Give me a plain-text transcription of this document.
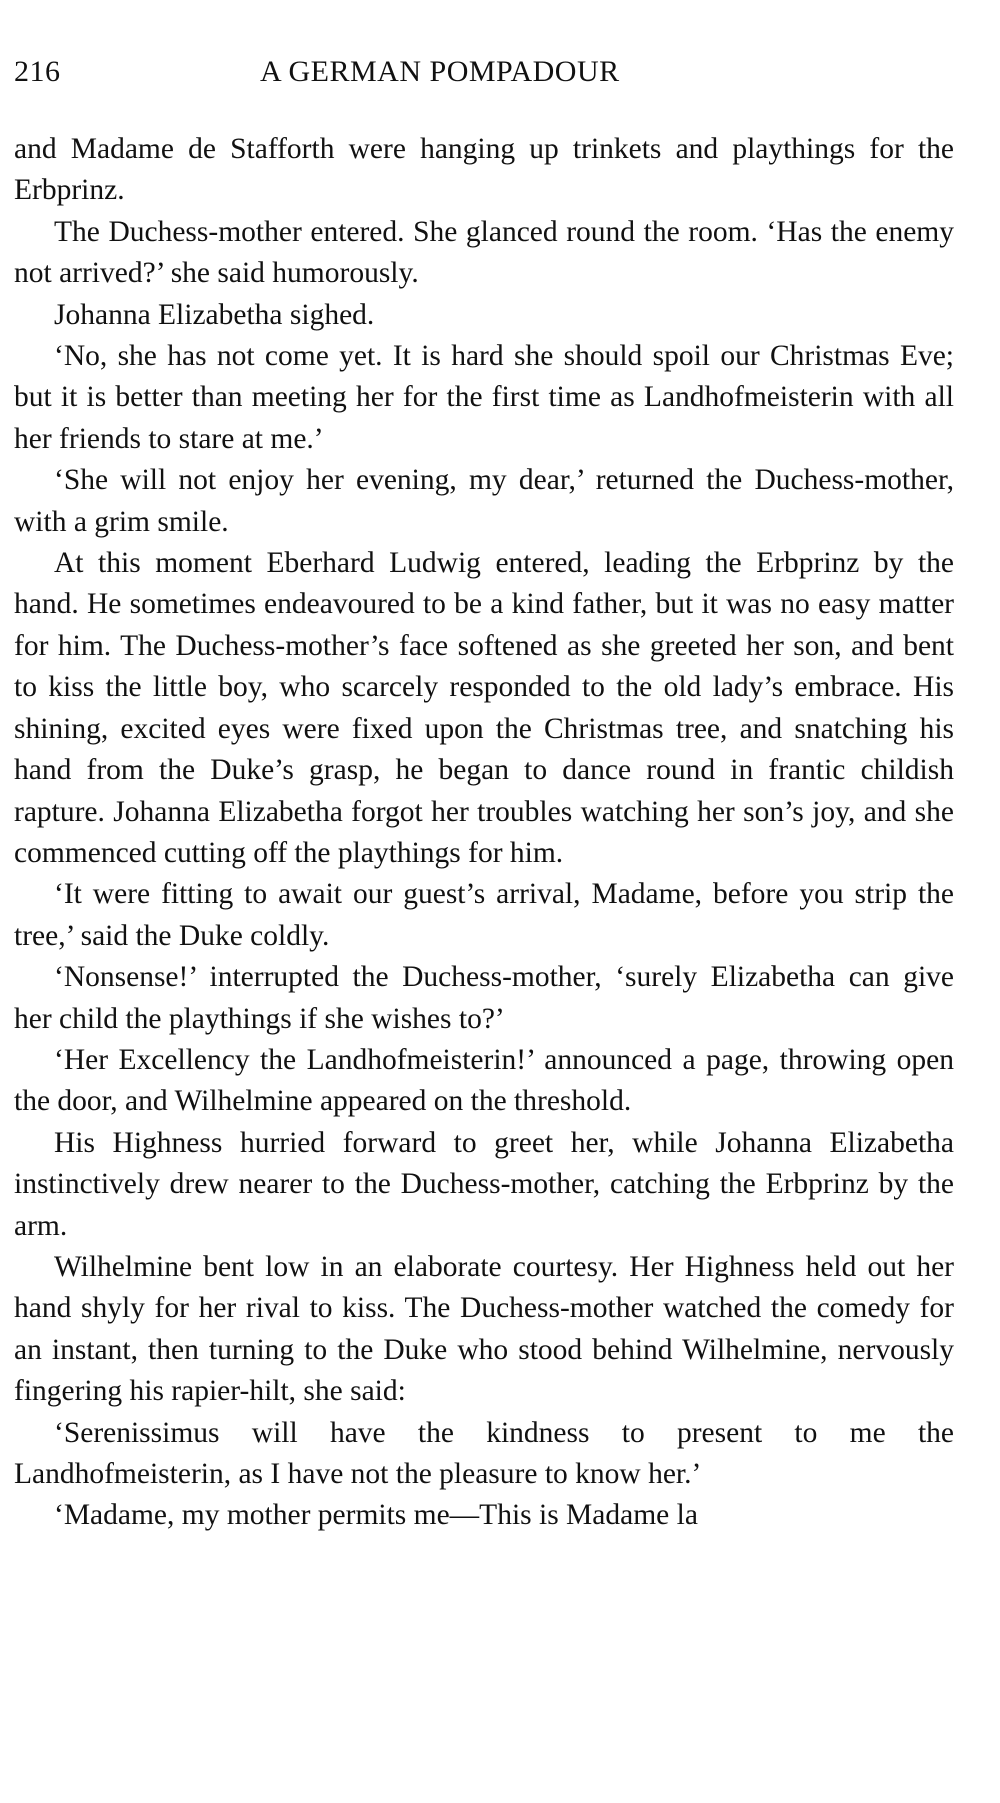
216	A GERMAN POMPADOUR

and Madame de Stafforth were hanging up trinkets and playthings for the Erbprinz.

The Duchess-mother entered. She glanced round the room. ‘Has the enemy not arrived?’ she said humorously.

Johanna Elizabetha sighed.

‘No, she has not come yet. It is hard she should spoil our Christmas Eve; but it is better than meeting her for the first time as Landhofmeisterin with all her friends to stare at me.’

‘She will not enjoy her evening, my dear,’ returned the Duchess-mother, with a grim smile.

At this moment Eberhard Ludwig entered, leading the Erbprinz by the hand. He sometimes endeavoured to be a kind father, but it was no easy matter for him. The Duchess-mother’s face softened as she greeted her son, and bent to kiss the little boy, who scarcely responded to the old lady’s embrace. His shining, excited eyes were fixed upon the Christmas tree, and snatching his hand from the Duke’s grasp, he began to dance round in frantic childish rapture. Johanna Elizabetha forgot her troubles watching her son’s joy, and she commenced cutting off the playthings for him.

‘It were fitting to await our guest’s arrival, Madame, before you strip the tree,’ said the Duke coldly.

‘Nonsense!’ interrupted the Duchess-mother, ‘surely Elizabetha can give her child the playthings if she wishes to?’

‘Her Excellency the Landhofmeisterin!’ announced a page, throwing open the door, and Wilhelmine appeared on the threshold.

His Highness hurried forward to greet her, while Johanna Elizabetha instinctively drew nearer to the Duchess-mother, catching the Erbprinz by the arm.

Wilhelmine bent low in an elaborate courtesy. Her Highness held out her hand shyly for her rival to kiss. The Duchess-mother watched the comedy for an instant, then turning to the Duke who stood behind Wilhelmine, nervously fingering his rapier-hilt, she said:

‘Serenissimus will have the kindness to present to me the Landhofmeisterin, as I have not the pleasure to know her.’

‘Madame, my mother permits me—This is Madame la
